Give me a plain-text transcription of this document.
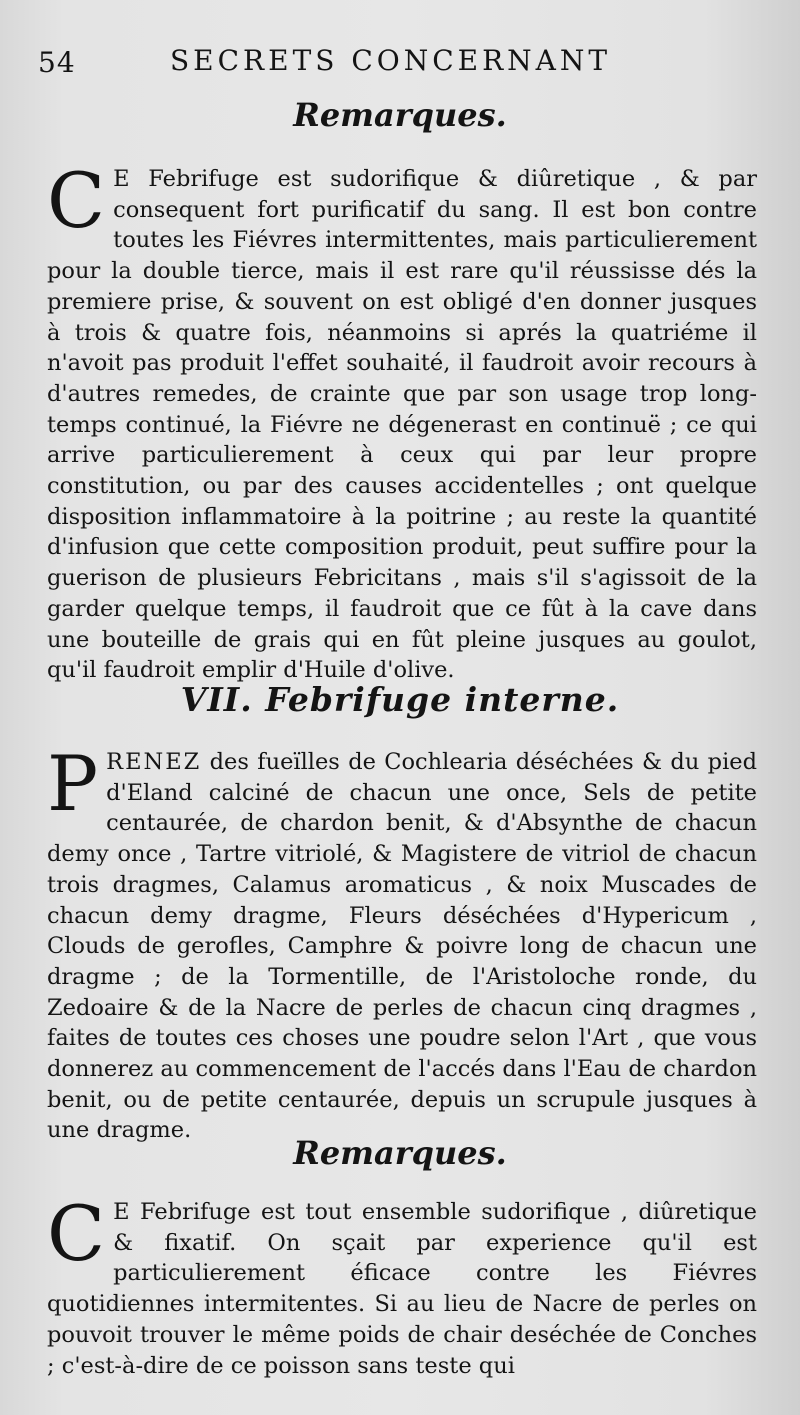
54	SECRETS CONCERNANT
Remarques.

C E Febrifuge est sudorifique & diûretique , & par consequent fort purificatif du sang. Il est bon contre toutes les Fiévres intermittentes, mais particulierement pour la double tierce, mais il est rare qu'il réussisse dés la premiere prise, & souvent on est obligé d'en donner jusques à trois & quatre fois, néanmoins si aprés la quatriéme il n'avoit pas produit l'effet souhaité, il faudroit avoir recours à d'autres remedes, de crainte que par son usage trop long-temps continué, la Fiévre ne dégenerast en continuë ; ce qui arrive particulierement à ceux qui par leur propre constitution, ou par des causes accidentelles ; ont quelque disposition inflammatoire à la poitrine ; au reste la quantité d'infusion que cette composition produit, peut suffire pour la guerison de plusieurs Febricitans , mais s'il s'agissoit de la garder quelque temps, il faudroit que ce fût à la cave dans une bouteille de grais qui en fût pleine jusques au goulot, qu'il faudroit emplir d'Huile d'olive.

VII. Febrifuge interne.

PRENEZ des fueïlles de Cochlearia déséchées & du pied d'Eland calciné de chacun une once, Sels de petite centaurée, de chardon benit, & d'Absynthe de chacun demy once , Tartre vitriolé, & Magistere de vitriol de chacun trois dragmes, Calamus aromaticus , & noix Muscades de chacun demy dragme, Fleurs déséchées d'Hypericum , Clouds de gerofles, Camphre & poivre long de chacun une dragme ; de la Tormentille, de l'Aristoloche ronde, du Zedoaire & de la Nacre de perles de chacun cinq dragmes , faites de toutes ces choses une poudre selon l'Art , que vous donnerez au commencement de l'accés dans l'Eau de chardon benit, ou de petite centaurée, depuis un scrupule jusques à une dragme.

Remarques.

C E Febrifuge est tout ensemble sudorifique , diûretique & fixatif. On sçait par experience qu'il est particulierement éficace contre les Fiévres quotidiennes intermitentes. Si au lieu de Nacre de perles on pouvoit trouver le même poids de chair deséchée de Conches ; c'est-à-dire de ce poisson sans teste qui
